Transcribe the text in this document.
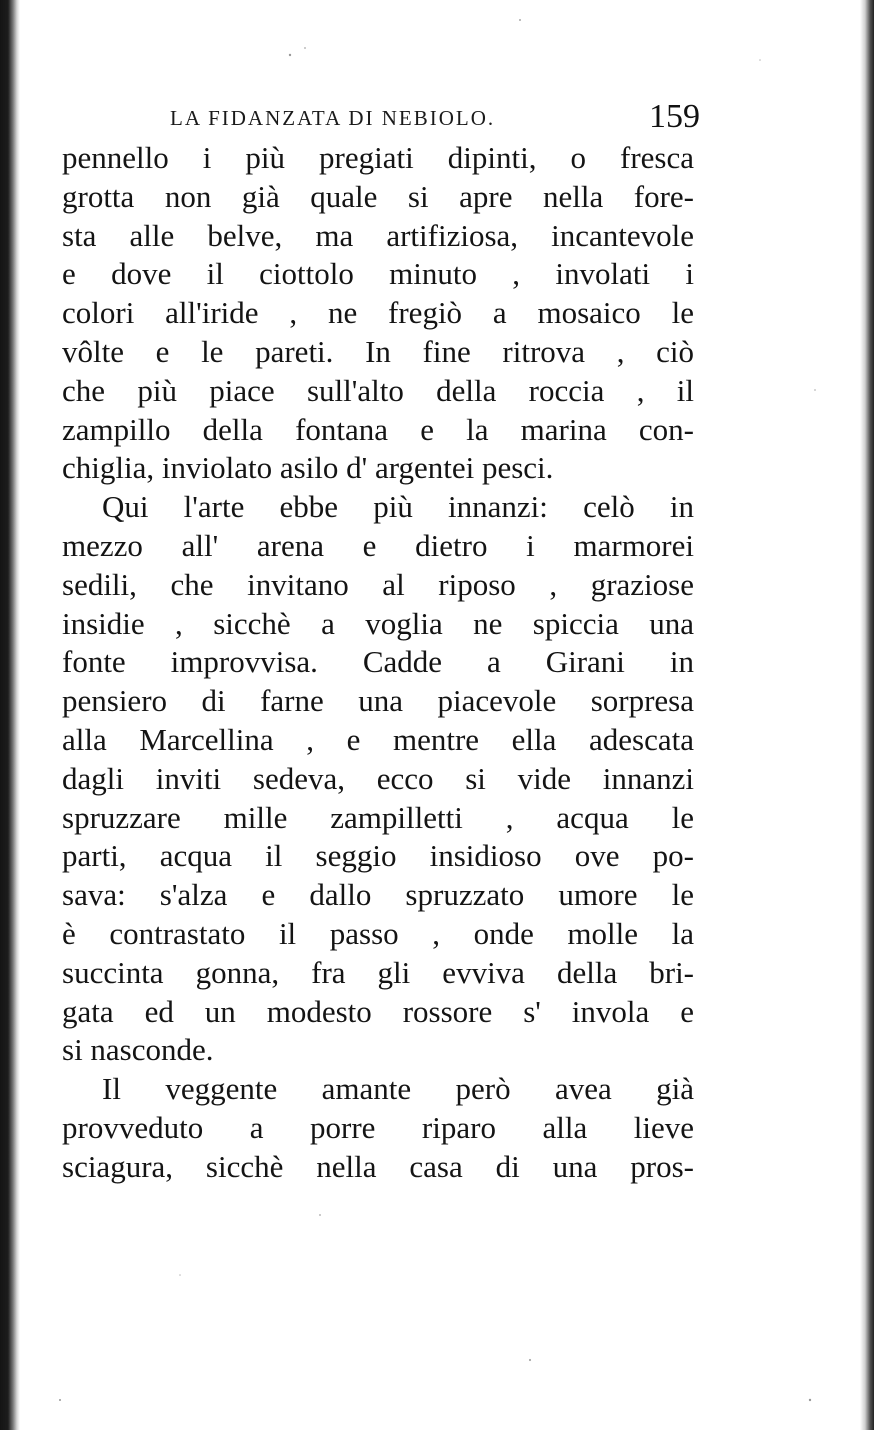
LA FIDANZATA DI NEBIOLO.	159
pennello i più pregiati dipinti, o fresca
grotta non già quale si apre nella fore-
sta alle belve, ma artifiziosa, incantevole
e dove il ciottolo minuto , involati i
colori all'iride , ne fregiò a mosaico le
vôlte e le pareti. In fine ritrova , ciò
che più piace sull'alto della roccia , il
zampillo della fontana e la marina con-
chiglia, inviolato asilo d' argentei pesci.
Qui l'arte ebbe più innanzi: celò in
mezzo all' arena e dietro i marmorei
sedili, che invitano al riposo , graziose
insidie , sicchè a voglia ne spiccia una
fonte improvvisa. Cadde a Girani in
pensiero di farne una piacevole sorpresa
alla Marcellina , e mentre ella adescata
dagli inviti sedeva, ecco si vide innanzi
spruzzare mille zampilletti , acqua le
parti, acqua il seggio insidioso ove po-
sava: s'alza e dallo spruzzato umore le
è contrastato il passo , onde molle la
succinta gonna, fra gli evviva della bri-
gata ed un modesto rossore s' invola e
si nasconde.
Il veggente amante però avea già
provveduto a porre riparo alla lieve
sciagura, sicchè nella casa di una pros-
